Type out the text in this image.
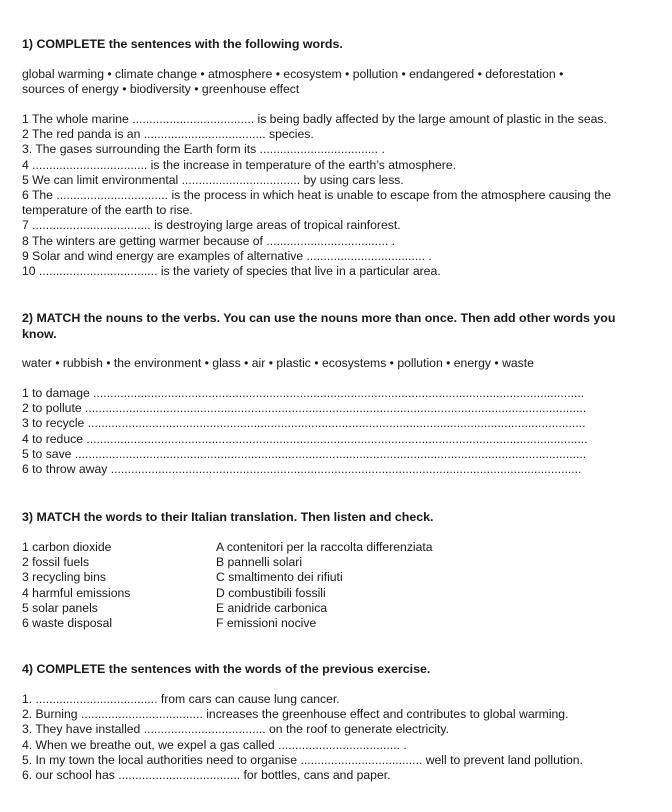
1) COMPLETE the sentences with the following words.
global warming • climate change • atmosphere • ecosystem • pollution • endangered • deforestation •
sources of energy • biodiversity • greenhouse effect
1 The whole marine .................................... is being badly affected by the large amount of plastic in the seas.
2 The red panda is an .................................... species.
3. The gases surrounding the Earth form its ................................... .
4 .................................. is the increase in temperature of the earth’s atmosphere.
5 We can limit environmental ................................... by using cars less.
6 The ................................. is the process in which heat is unable to escape from the atmosphere causing the
temperature of the earth to rise.
7 ................................... is destroying large areas of tropical rainforest.
8 The winters are getting warmer because of .................................... .
9 Solar and wind energy are examples of alternative ................................... .
10 ................................... is the variety of species that live in a particular area.
2) MATCH the nouns to the verbs. You can use the nouns more than once. Then add other words you
know.
water • rubbish • the environment • glass • air • plastic • ecosystems • pollution • energy • waste
1 to damage .................................................................................................................................................
2 to pollute ....................................................................................................................................................
3 to recycle ...................................................................................................................................................
4 to reduce ....................................................................................................................................................
5 to save .......................................................................................................................................................
6 to throw away ...........................................................................................................................................
3) MATCH the words to their Italian translation. Then listen and check.
1 carbon dioxide	A contenitori per la raccolta differenziata
2 fossil fuels	B pannelli solari
3 recycling bins	C smaltimento dei rifiuti
4 harmful emissions	D combustibili fossili
5 solar panels	E anidride carbonica
6 waste disposal	F emissioni nocive
4) COMPLETE the sentences with the words of the previous exercise.
1. .................................... from cars can cause lung cancer.
2. Burning .................................... increases the greenhouse effect and contributes to global warming.
3. They have installed .................................... on the roof to generate electricity.
4. When we breathe out, we expel a gas called .................................... .
5. In my town the local authorities need to organise .................................... well to prevent land pollution.
6. our school has .................................... for bottles, cans and paper.
